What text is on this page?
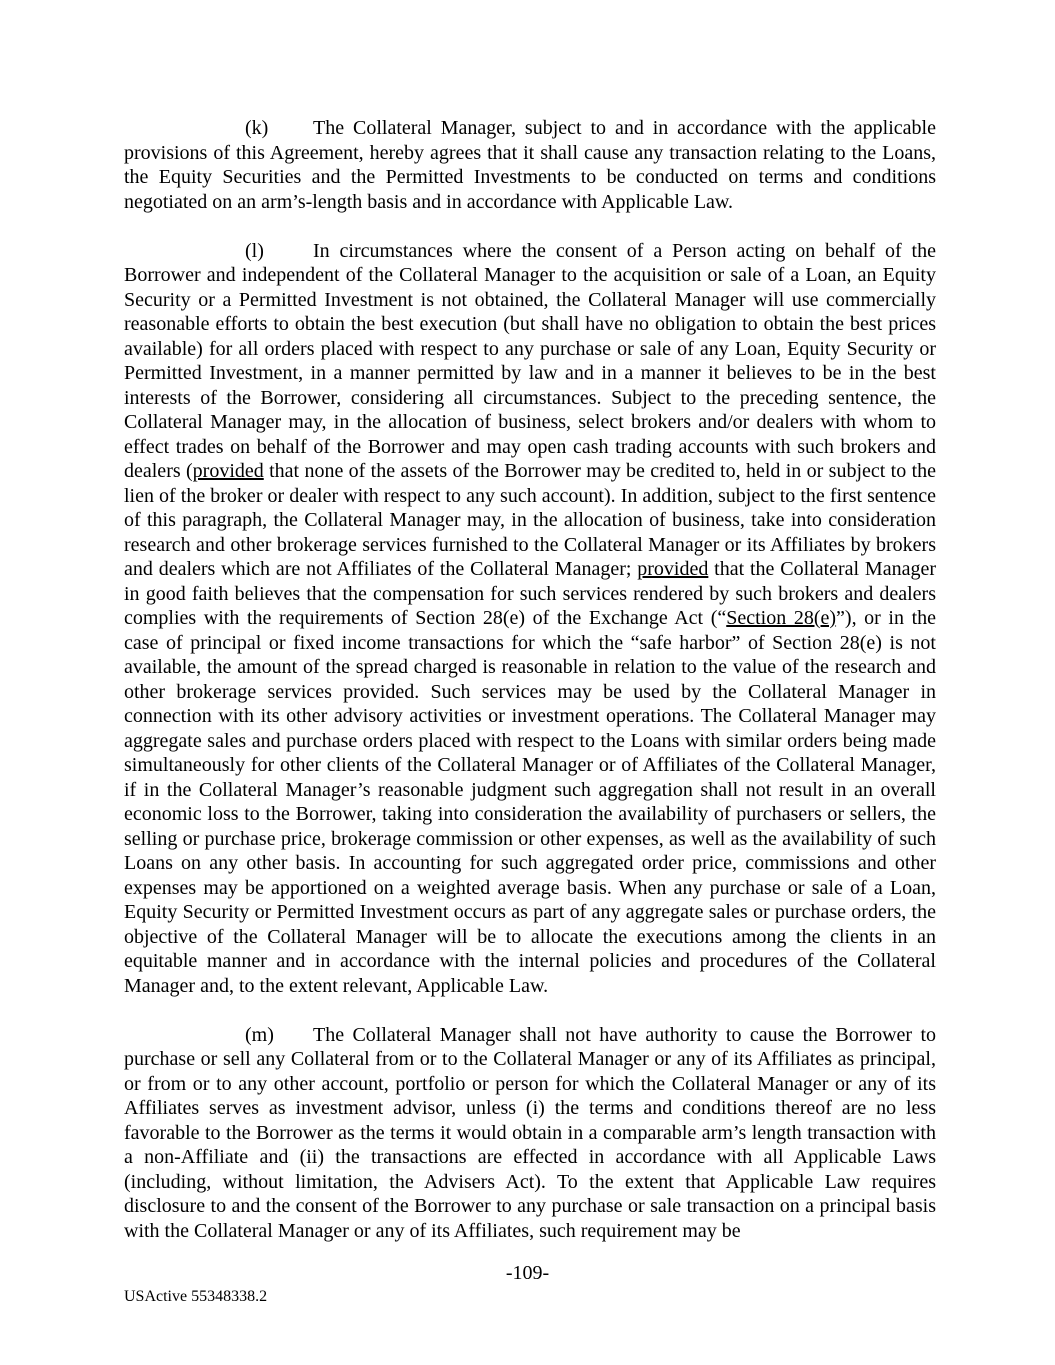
(k) The Collateral Manager, subject to and in accordance with the applicable provisions of this Agreement, hereby agrees that it shall cause any transaction relating to the Loans, the Equity Securities and the Permitted Investments to be conducted on terms and conditions negotiated on an arm’s-length basis and in accordance with Applicable Law.

(l) In circumstances where the consent of a Person acting on behalf of the Borrower and independent of the Collateral Manager to the acquisition or sale of a Loan, an Equity Security or a Permitted Investment is not obtained, the Collateral Manager will use commercially reasonable efforts to obtain the best execution (but shall have no obligation to obtain the best prices available) for all orders placed with respect to any purchase or sale of any Loan, Equity Security or Permitted Investment, in a manner permitted by law and in a manner it believes to be in the best interests of the Borrower, considering all circumstances. Subject to the preceding sentence, the Collateral Manager may, in the allocation of business, select brokers and/or dealers with whom to effect trades on behalf of the Borrower and may open cash trading accounts with such brokers and dealers (provided that none of the assets of the Borrower may be credited to, held in or subject to the lien of the broker or dealer with respect to any such account). In addition, subject to the first sentence of this paragraph, the Collateral Manager may, in the allocation of business, take into consideration research and other brokerage services furnished to the Collateral Manager or its Affiliates by brokers and dealers which are not Affiliates of the Collateral Manager; provided that the Collateral Manager in good faith believes that the compensation for such services rendered by such brokers and dealers complies with the requirements of Section 28(e) of the Exchange Act (“Section 28(e)”), or in the case of principal or fixed income transactions for which the “safe harbor” of Section 28(e) is not available, the amount of the spread charged is reasonable in relation to the value of the research and other brokerage services provided. Such services may be used by the Collateral Manager in connection with its other advisory activities or investment operations. The Collateral Manager may aggregate sales and purchase orders placed with respect to the Loans with similar orders being made simultaneously for other clients of the Collateral Manager or of Affiliates of the Collateral Manager, if in the Collateral Manager’s reasonable judgment such aggregation shall not result in an overall economic loss to the Borrower, taking into consideration the availability of purchasers or sellers, the selling or purchase price, brokerage commission or other expenses, as well as the availability of such Loans on any other basis. In accounting for such aggregated order price, commissions and other expenses may be apportioned on a weighted average basis. When any purchase or sale of a Loan, Equity Security or Permitted Investment occurs as part of any aggregate sales or purchase orders, the objective of the Collateral Manager will be to allocate the executions among the clients in an equitable manner and in accordance with the internal policies and procedures of the Collateral Manager and, to the extent relevant, Applicable Law.

(m) The Collateral Manager shall not have authority to cause the Borrower to purchase or sell any Collateral from or to the Collateral Manager or any of its Affiliates as principal, or from or to any other account, portfolio or person for which the Collateral Manager or any of its Affiliates serves as investment advisor, unless (i) the terms and conditions thereof are no less favorable to the Borrower as the terms it would obtain in a comparable arm’s length transaction with a non-Affiliate and (ii) the transactions are effected in accordance with all Applicable Laws (including, without limitation, the Advisers Act). To the extent that Applicable Law requires disclosure to and the consent of the Borrower to any purchase or sale transaction on a principal basis with the Collateral Manager or any of its Affiliates, such requirement may be

-109-
USActive 55348338.2
